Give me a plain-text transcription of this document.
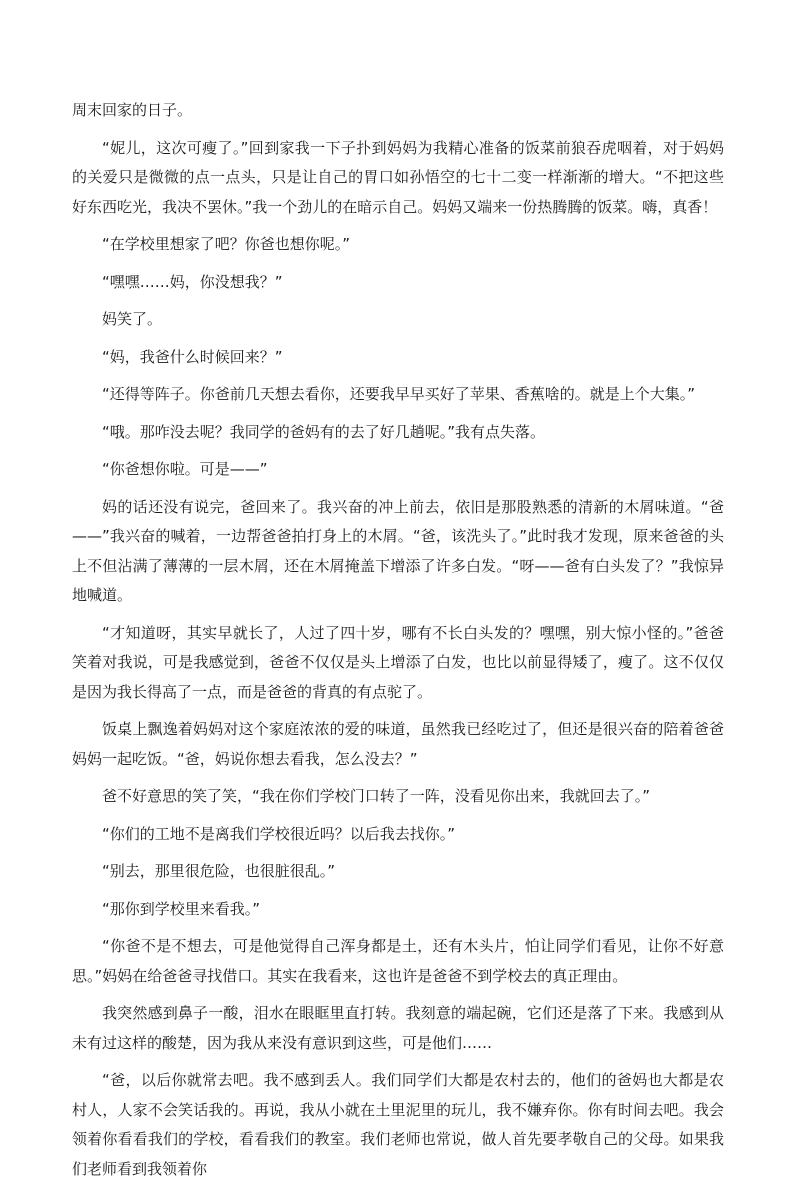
周末回家的日子。

“妮儿，这次可瘦了。”回到家我一下子扑到妈妈为我精心准备的饭菜前狼吞虎咽着，对于妈妈的关爱只是微微的点一点头，只是让自己的胃口如孙悟空的七十二变一样渐渐的增大。“不把这些好东西吃光，我决不罢休。”我一个劲儿的在暗示自己。妈妈又端来一份热腾腾的饭菜。嗨，真香！

“在学校里想家了吧？你爸也想你呢。”

“嘿嘿……妈，你没想我？”

妈笑了。

“妈，我爸什么时候回来？”

“还得等阵子。你爸前几天想去看你，还要我早早买好了苹果、香蕉啥的。就是上个大集。”

“哦。那咋没去呢？我同学的爸妈有的去了好几趟呢。”我有点失落。

“你爸想你啦。可是——”

妈的话还没有说完，爸回来了。我兴奋的冲上前去，依旧是那股熟悉的清新的木屑味道。“爸——”我兴奋的喊着，一边帮爸爸拍打身上的木屑。“爸，该洗头了。”此时我才发现，原来爸爸的头上不但沾满了薄薄的一层木屑，还在木屑掩盖下增添了许多白发。“呀——爸有白头发了？”我惊异地喊道。

“才知道呀，其实早就长了，人过了四十岁，哪有不长白头发的？嘿嘿，别大惊小怪的。”爸爸笑着对我说，可是我感觉到，爸爸不仅仅是头上增添了白发，也比以前显得矮了，瘦了。这不仅仅是因为我长得高了一点，而是爸爸的背真的有点驼了。

饭桌上飘逸着妈妈对这个家庭浓浓的爱的味道，虽然我已经吃过了，但还是很兴奋的陪着爸爸妈妈一起吃饭。“爸，妈说你想去看我，怎么没去？”

爸不好意思的笑了笑，“我在你们学校门口转了一阵，没看见你出来，我就回去了。”

“你们的工地不是离我们学校很近吗？以后我去找你。”

“别去，那里很危险，也很脏很乱。”

“那你到学校里来看我。”

“你爸不是不想去，可是他觉得自己浑身都是土，还有木头片，怕让同学们看见，让你不好意思。”妈妈在给爸爸寻找借口。其实在我看来，这也许是爸爸不到学校去的真正理由。

我突然感到鼻子一酸，泪水在眼眶里直打转。我刻意的端起碗，它们还是落了下来。我感到从未有过这样的酸楚，因为我从来没有意识到这些，可是他们……

“爸，以后你就常去吧。我不感到丢人。我们同学们大都是农村去的，他们的爸妈也大都是农村人，人家不会笑话我的。再说，我从小就在土里泥里的玩儿，我不嫌弃你。你有时间去吧。我会领着你看看我们的学校，看看我们的教室。我们老师也常说，做人首先要孝敬自己的父母。如果我们老师看到我领着你
